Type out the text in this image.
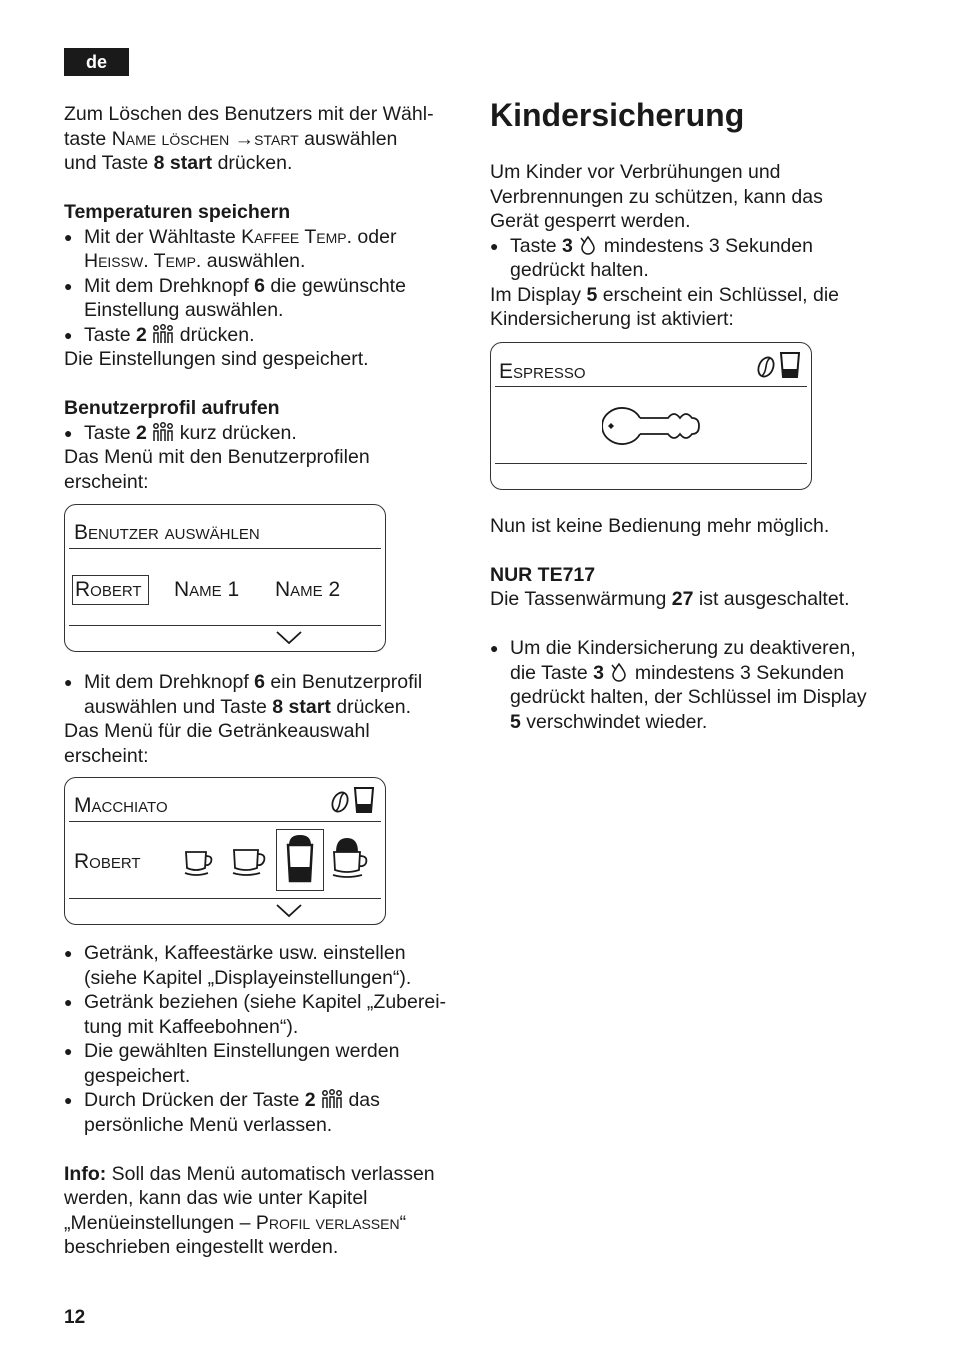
de

Zum Löschen des Benutzers mit der Wähl-
taste Name löschen →start auswählen
und Taste 8 start drücken.

Temperaturen speichern

● Mit der Wähltaste Kaffee Temp. oder
Heissw. Temp. auswählen.

● Mit dem Drehknopf 6 die gewünschte
Einstellung auswählen.

● Taste 2  drücken.

Die Einstellungen sind gespeichert.

Benutzerprofil aufrufen

● Taste 2  kurz drücken.

Das Menü mit den Benutzerprofilen
erscheint:

Benutzer auswählen
Robert	Name 1 Name 2

● Mit dem Drehknopf 6 ein Benutzerprofil
auswählen und Taste 8 start drücken.

Das Menü für die Getränkeauswahl
erscheint:

Macchiato
Robert

● Getränk, Kaffeestärke usw. einstellen
(siehe Kapitel „Displayeinstellungen“).

● Getränk beziehen (siehe Kapitel „Zuberei-
tung mit Kaffeebohnen“).

● Die gewählten Einstellungen werden
gespeichert.

● Durch Drücken der Taste 2  das
persönliche Menü verlassen.

Info: Soll das Menü automatisch verlassen
werden, kann das wie unter Kapitel
„Menüeinstellungen – Profil verlassen“
beschrieben eingestellt werden.

Kindersicherung

Um Kinder vor Verbrühungen und
Verbrennungen zu schützen, kann das
Gerät gesperrt werden.

● Taste 3  mindestens 3 Sekunden
gedrückt halten.

Im Display 5 erscheint ein Schlüssel, die
Kindersicherung ist aktiviert:

Espresso

Nun ist keine Bedienung mehr möglich.

NUR TE717

Die Tassenwärmung 27 ist ausgeschaltet.

● Um die Kindersicherung zu deaktiveren,
die Taste 3  mindestens 3 Sekunden
gedrückt halten, der Schlüssel im Display
5 verschwindet wieder.

12
